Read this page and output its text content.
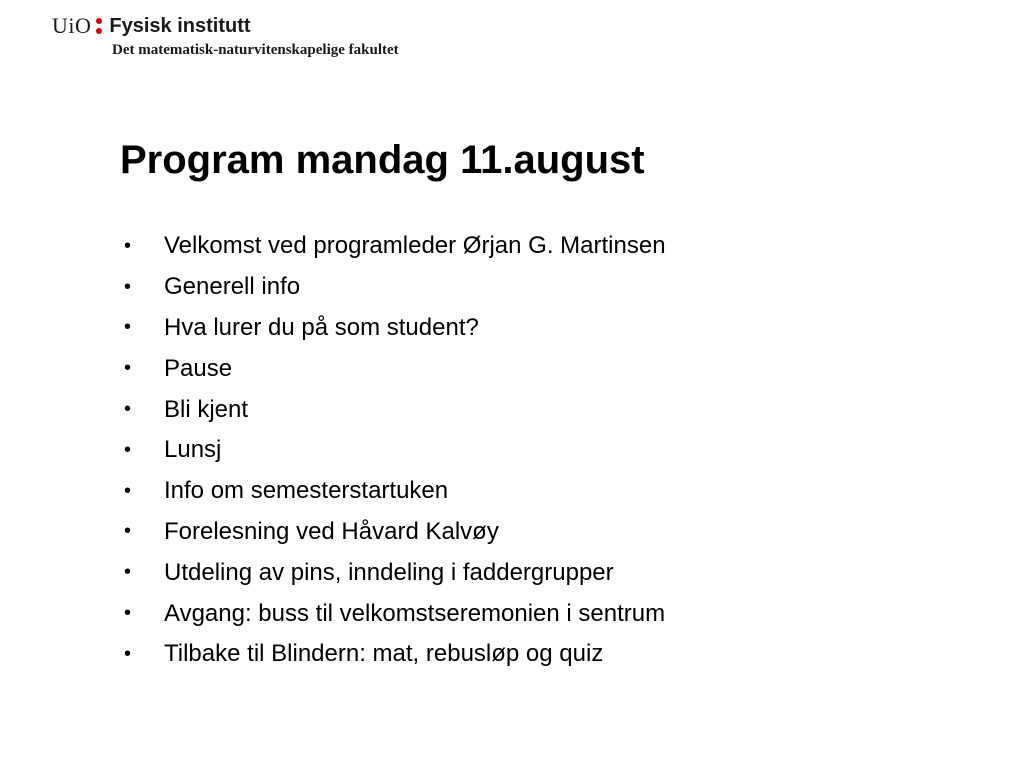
UiO Fysisk institutt
Det matematisk-naturvitenskapelige fakultet
Program mandag 11.august
•	Velkomst ved programleder Ørjan G. Martinsen
•	Generell info
•	Hva lurer du på som student?
•	Pause
•	Bli kjent
•	Lunsj
•	Info om semesterstartuken
•	Forelesning ved Håvard Kalvøy
•	Utdeling av pins, inndeling i faddergrupper
•	Avgang: buss til velkomstseremonien i sentrum
•	Tilbake til Blindern: mat, rebusløp og quiz
